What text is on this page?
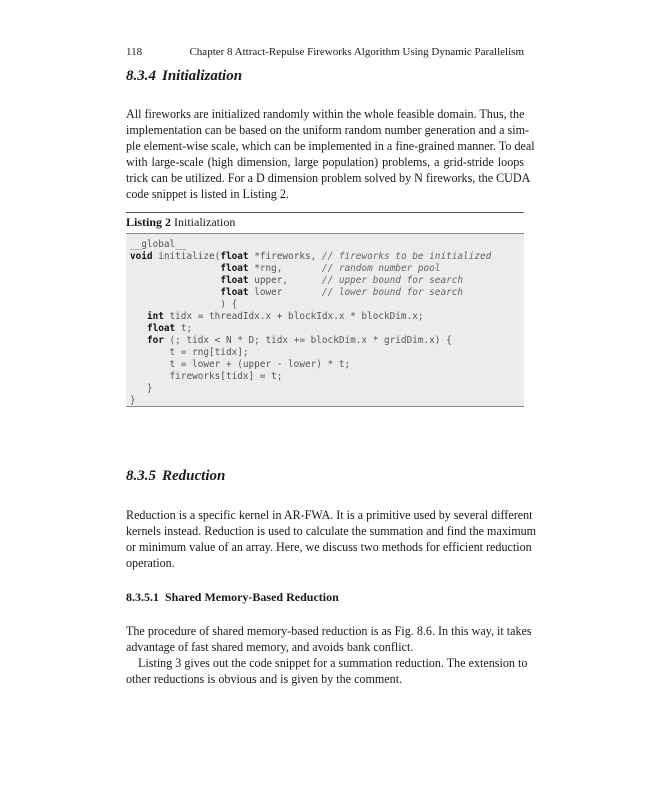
118	Chapter 8 Attract-Repulse Fireworks Algorithm Using Dynamic Parallelism
8.3.4 Initialization
All fireworks are initialized randomly within the whole feasible domain. Thus, the
implementation can be based on the uniform random number generation and a sim-
ple element-wise scale, which can be implemented in a fine-grained manner. To deal
with large-scale (high dimension, large population) problems, a grid-stride loops
trick can be utilized. For a D dimension problem solved by N fireworks, the CUDA
code snippet is listed in Listing 2.
Listing 2 Initialization
__global__
void initialize(float *fireworks, // fireworks to be initialized
float *rng,       // random number pool
float upper,      // upper bound for search
float lower       // lower bound for search
) {
int tidx = threadIdx.x + blockIdx.x * blockDim.x;
float t;
for (; tidx < N * D; tidx += blockDim.x * gridDim.x) {
t = rng[tidx];
t = lower + (upper - lower) * t;
fireworks[tidx] = t;
}
}
8.3.5 Reduction
Reduction is a specific kernel in AR-FWA. It is a primitive used by several different
kernels instead. Reduction is used to calculate the summation and find the maximum
or minimum value of an array. Here, we discuss two methods for efficient reduction
operation.
8.3.5.1 Shared Memory-Based Reduction
The procedure of shared memory-based reduction is as Fig. 8.6. In this way, it takes
advantage of fast shared memory, and avoids bank conflict.
Listing 3 gives out the code snippet for a summation reduction. The extension to
other reductions is obvious and is given by the comment.
